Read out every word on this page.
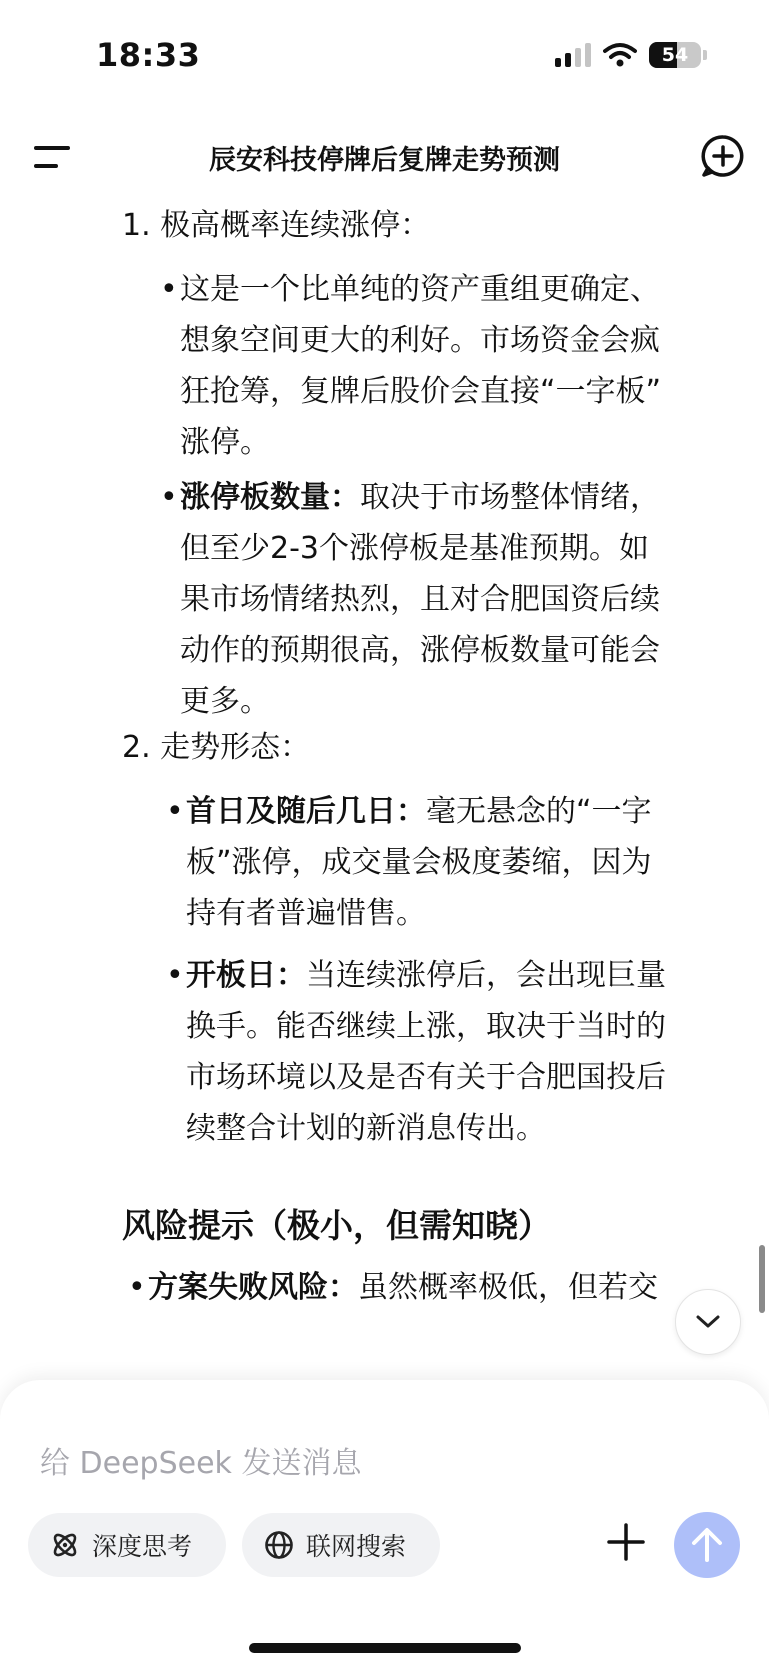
18:33	54
辰安科技停牌后复牌走势预测
1. 极高概率连续涨停：
• 这是一个比单纯的资产重组更确定、
想象空间更大的利好。市场资金会疯
狂抢筹，复牌后股价会直接“一字板”
涨停。
• 涨停板数量：取决于市场整体情绪，
但至少2-3个涨停板是基准预期。如
果市场情绪热烈，且对合肥国资后续
动作的预期很高，涨停板数量可能会
更多。
2. 走势形态：
• 首日及随后几日：毫无悬念的“一字
板”涨停，成交量会极度萎缩，因为
持有者普遍惜售。
• 开板日：当连续涨停后，会出现巨量
换手。能否继续上涨，取决于当时的
市场环境以及是否有关于合肥国投后
续整合计划的新消息传出。
风险提示（极小，但需知晓）
• 方案失败风险：虽然概率极低，但若交
给 DeepSeek 发送消息
深度思考	联网搜索
